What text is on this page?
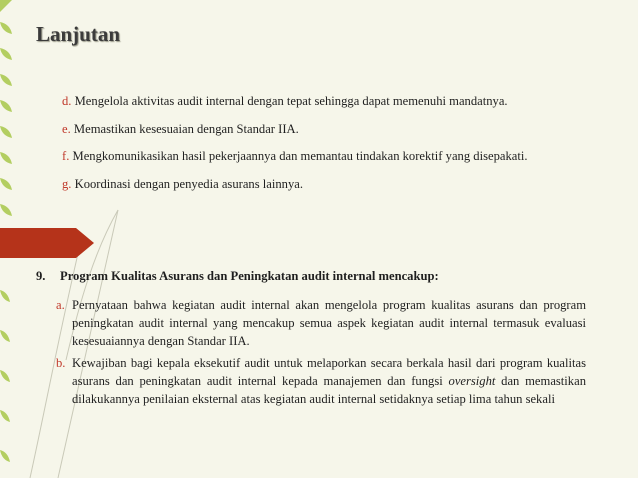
Lanjutan
d. Mengelola aktivitas audit internal dengan tepat sehingga dapat memenuhi mandatnya.
e. Memastikan kesesuaian dengan Standar IIA.
f. Mengkomunikasikan hasil pekerjaannya dan memantau tindakan korektif yang disepakati.
g. Koordinasi dengan penyedia asurans lainnya.
9. Program Kualitas Asurans dan Peningkatan audit internal mencakup:
a. Pernyataan bahwa kegiatan audit internal akan mengelola program kualitas asurans dan program peningkatan audit internal yang mencakup semua aspek kegiatan audit internal termasuk evaluasi kesesuaiannya dengan Standar IIA.
b. Kewajiban bagi kepala eksekutif audit untuk melaporkan secara berkala hasil dari program kualitas asurans dan peningkatan audit internal kepada manajemen dan fungsi oversight dan memastikan dilakukannya penilaian eksternal atas kegiatan audit internal setidaknya setiap lima tahun sekali
